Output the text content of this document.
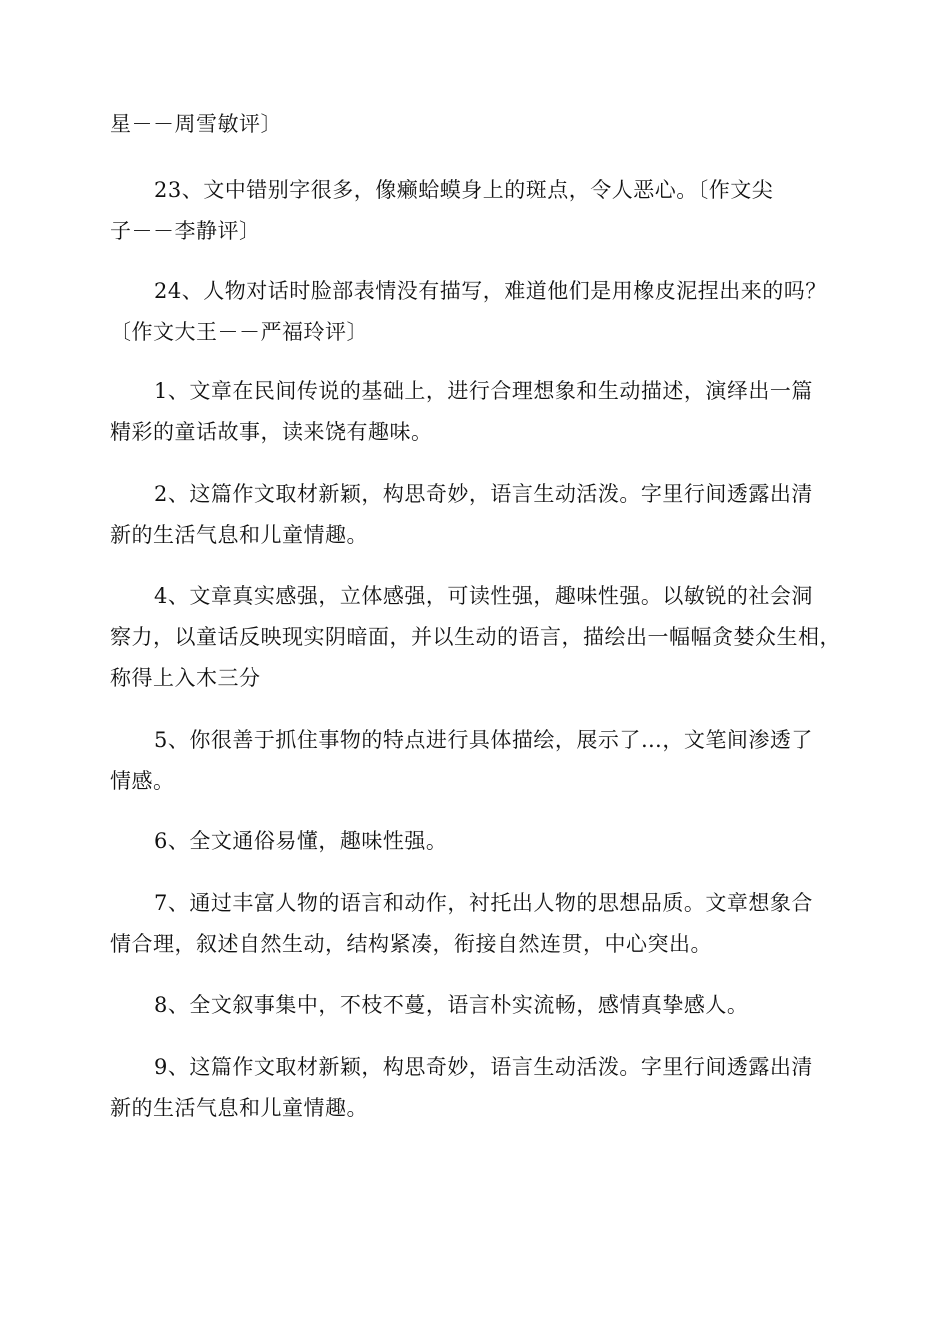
星－－周雪敏评〕
23、文中错别字很多，像癞蛤蟆身上的斑点，令人恶心。〔作文尖
子－－李静评〕
24、人物对话时脸部表情没有描写，难道他们是用橡皮泥捏出来的吗？
〔作文大王－－严福玲评〕
1、文章在民间传说的基础上，进行合理想象和生动描述，演绎出一篇
精彩的童话故事，读来饶有趣味。
2、这篇作文取材新颖，构思奇妙，语言生动活泼。字里行间透露出清
新的生活气息和儿童情趣。
4、文章真实感强，立体感强，可读性强，趣味性强。以敏锐的社会洞
察力，以童话反映现实阴暗面，并以生动的语言，描绘出一幅幅贪婪众生相，
称得上入木三分
5、你很善于抓住事物的特点进行具体描绘，展示了…，文笔间渗透了
情感。
6、全文通俗易懂，趣味性强。
7、通过丰富人物的语言和动作，衬托出人物的思想品质。文章想象合
情合理，叙述自然生动，结构紧凑，衔接自然连贯，中心突出。
8、全文叙事集中，不枝不蔓，语言朴实流畅，感情真挚感人。
9、这篇作文取材新颖，构思奇妙，语言生动活泼。字里行间透露出清
新的生活气息和儿童情趣。
